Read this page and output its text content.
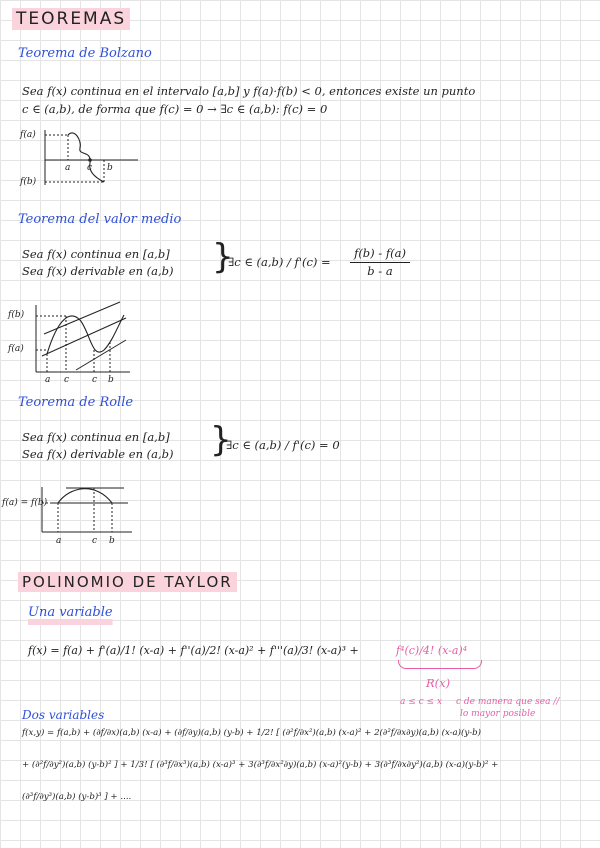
TEOREMAS
Teorema de Bolzano
Sea f(x) continua en el intervalo [a,b] y f(a)·f(b) < 0, entonces existe un punto
c ∈ (a,b), de forma que f(c) = 0 → ∃c ∈ (a,b): f(c) = 0
f(a)
f(b)
a c b
Teorema del valor medio
Sea f(x) continua en [a,b]
Sea f(x) derivable en (a,b) }
∃c ∈ (a,b) / f'(c) =
f(b) - f(a)
b - a
f(b)
f(a)
a c	c b
Teorema de Rolle
Sea f(x) continua en [a,b]
Sea f(x) derivable en (a,b) }
∃c ∈ (a,b) / f'(c) = 0
f(a) = f(b)
a	c b
POLINOMIO DE TAYLOR
Una variable
f(x) = f(a) + f'(a)/1! (x-a) + f''(a)/2! (x-a)² + f'''(a)/3! (x-a)³ +	f⁴(c)/4! (x-a)⁴
R(x)
a ≤ c ≤ x c de manera que sea //
lo mayor posible
Dos variables
f(x,y) = f(a,b) + (∂f/∂x)(a,b) (x-a) + (∂f/∂y)(a,b) (y-b) + 1/2! [ (∂²f/∂x²)(a,b) (x-a)² + 2(∂²f/∂x∂y)(a,b) (x-a)(y-b)
+ (∂²f/∂y²)(a,b) (y-b)² ] + 1/3! [ (∂³f/∂x³)(a,b) (x-a)³ + 3(∂³f/∂x²∂y)(a,b) (x-a)²(y-b) + 3(∂³f/∂x∂y²)(a,b) (x-a)(y-b)² +
(∂³f/∂y³)(a,b) (y-b)³ ] + ....
